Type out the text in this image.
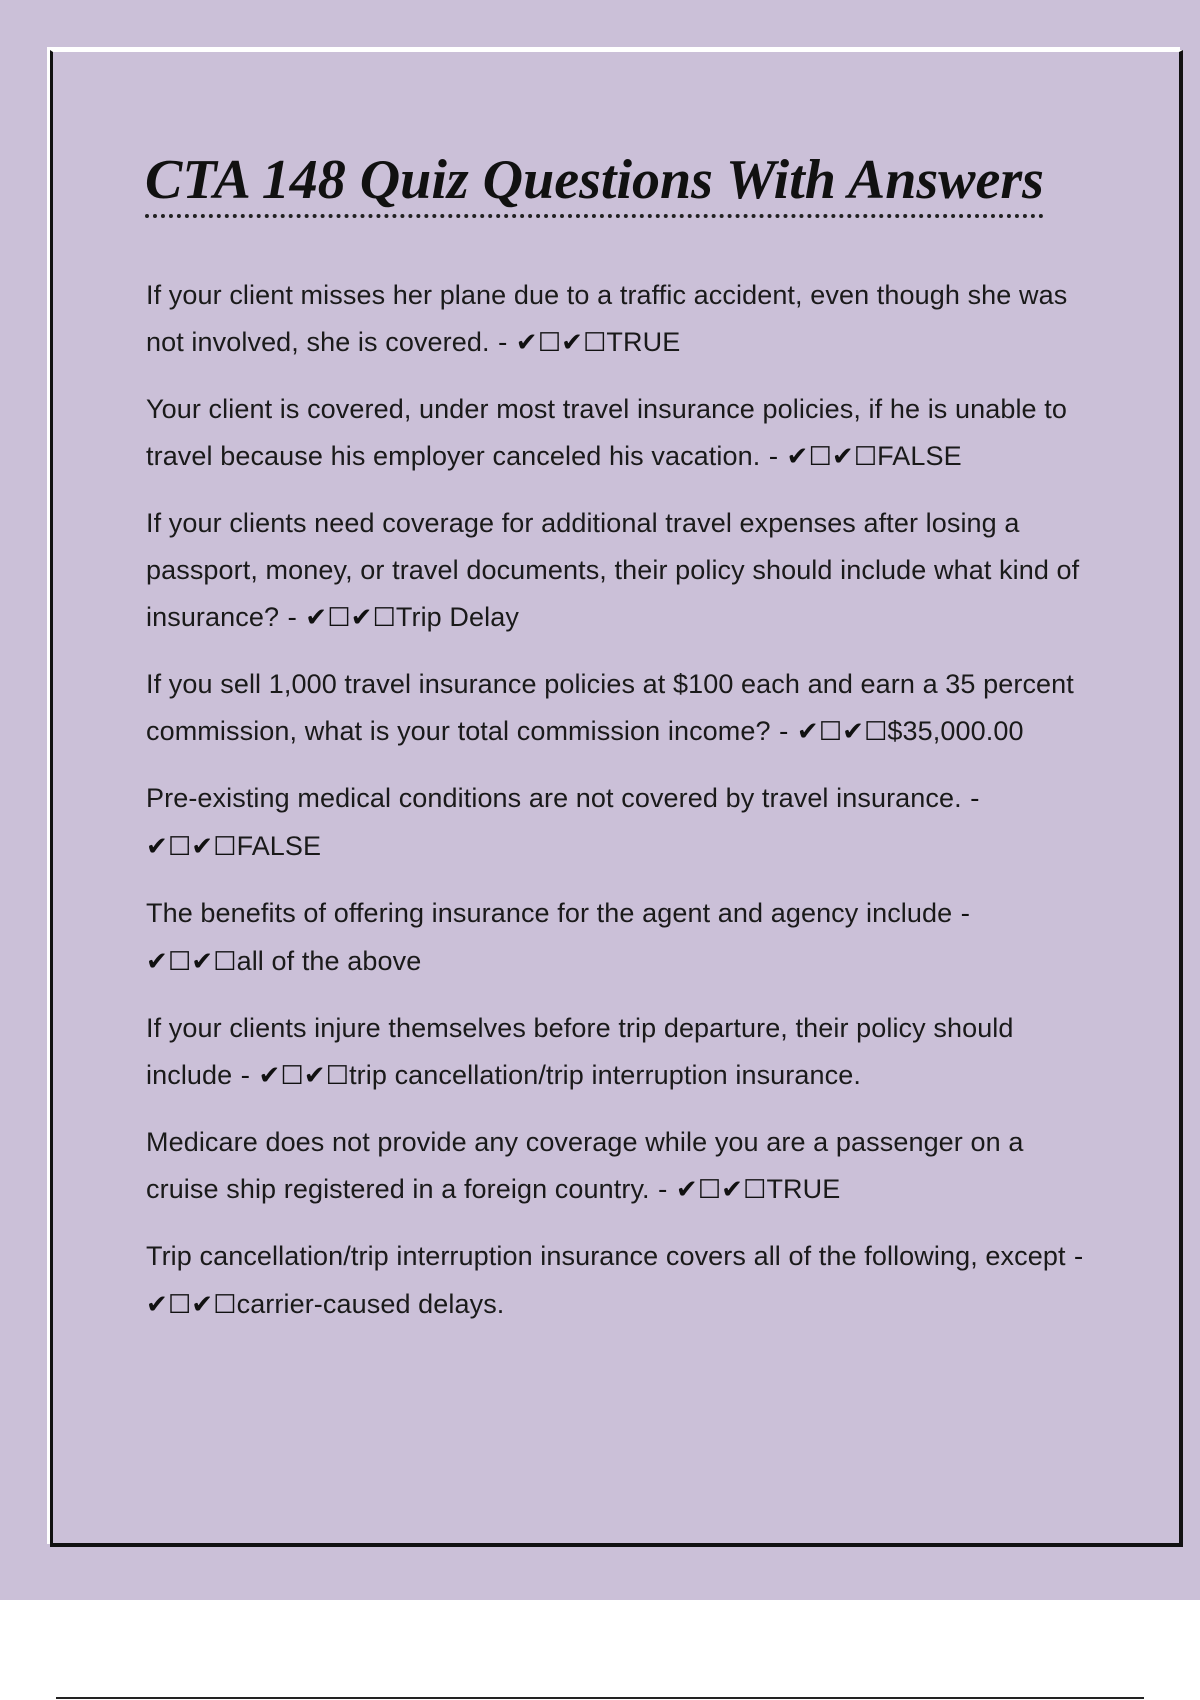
CTA 148 Quiz Questions With Answers

If your client misses her plane due to a traffic accident, even though she was not involved, she is covered. - ✔☐✔☐TRUE

Your client is covered, under most travel insurance policies, if he is unable to travel because his employer canceled his vacation. - ✔☐✔☐FALSE

If your clients need coverage for additional travel expenses after losing a passport, money, or travel documents, their policy should include what kind of insurance? - ✔☐✔☐Trip Delay

If you sell 1,000 travel insurance policies at $100 each and earn a 35 percent commission, what is your total commission income? - ✔☐✔☐$35,000.00

Pre-existing medical conditions are not covered by travel insurance. - ✔☐✔☐FALSE

The benefits of offering insurance for the agent and agency include - ✔☐✔☐all of the above

If your clients injure themselves before trip departure, their policy should include - ✔☐✔☐trip cancellation/trip interruption insurance.

Medicare does not provide any coverage while you are a passenger on a cruise ship registered in a foreign country. - ✔☐✔☐TRUE

Trip cancellation/trip interruption insurance covers all of the following, except - ✔☐✔☐carrier-caused delays.
